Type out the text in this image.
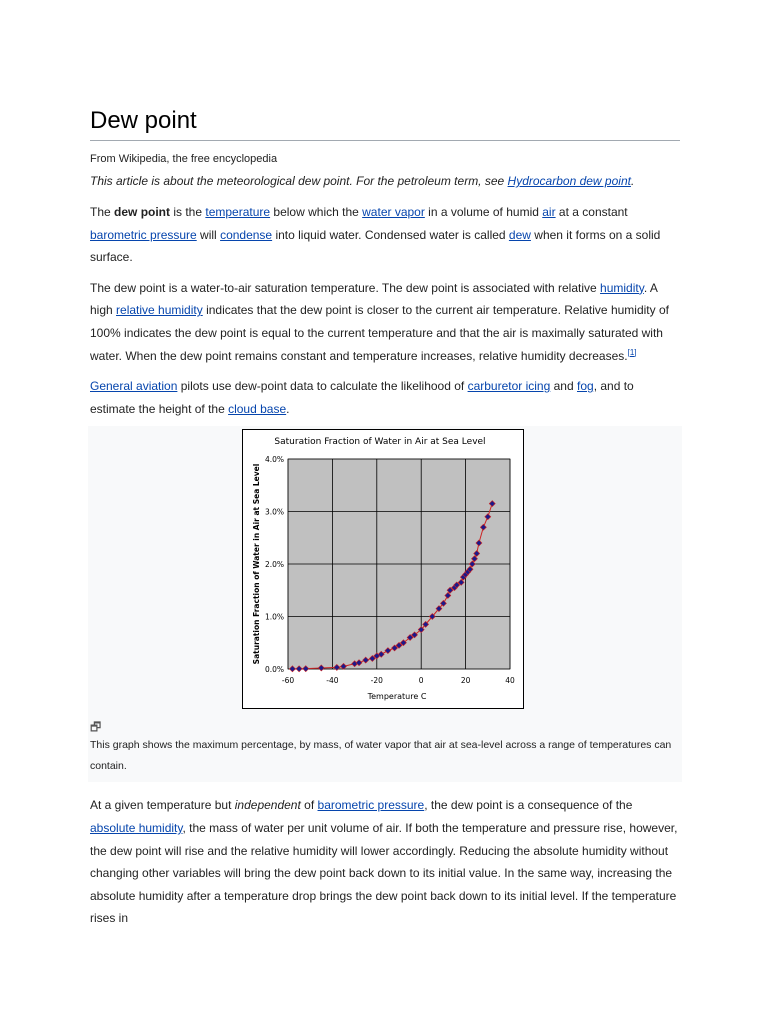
Dew point
From Wikipedia, the free encyclopedia
This article is about the meteorological dew point. For the petroleum term, see Hydrocarbon dew point.

The dew point is the temperature below which the water vapor in a volume of humid air at a constant barometric pressure will condense into liquid water. Condensed water is called dew when it forms on a solid surface.

The dew point is a water-to-air saturation temperature. The dew point is associated with relative humidity. A high relative humidity indicates that the dew point is closer to the current air temperature. Relative humidity of 100% indicates the dew point is equal to the current temperature and that the air is maximally saturated with water. When the dew point remains constant and temperature increases, relative humidity decreases.[1]

General aviation pilots use dew-point data to calculate the likelihood of carburetor icing and fog, and to estimate the height of the cloud base.

Saturation Fraction of Water in Air at Sea Level
0.0%
1.0%
2.0%
3.0%
4.0%
-60	-40	-20	0	20	40
Temperature C
Saturation Fraction of Water in Air at Sea Level
🗗
This graph shows the maximum percentage, by mass, of water vapor that air at sea-level across a range of temperatures can contain.

At a given temperature but independent of barometric pressure, the dew point is a consequence of the absolute humidity, the mass of water per unit volume of air. If both the temperature and pressure rise, however, the dew point will rise and the relative humidity will lower accordingly. Reducing the absolute humidity without changing other variables will bring the dew point back down to its initial value. In the same way, increasing the absolute humidity after a temperature drop brings the dew point back down to its initial level. If the temperature rises in
